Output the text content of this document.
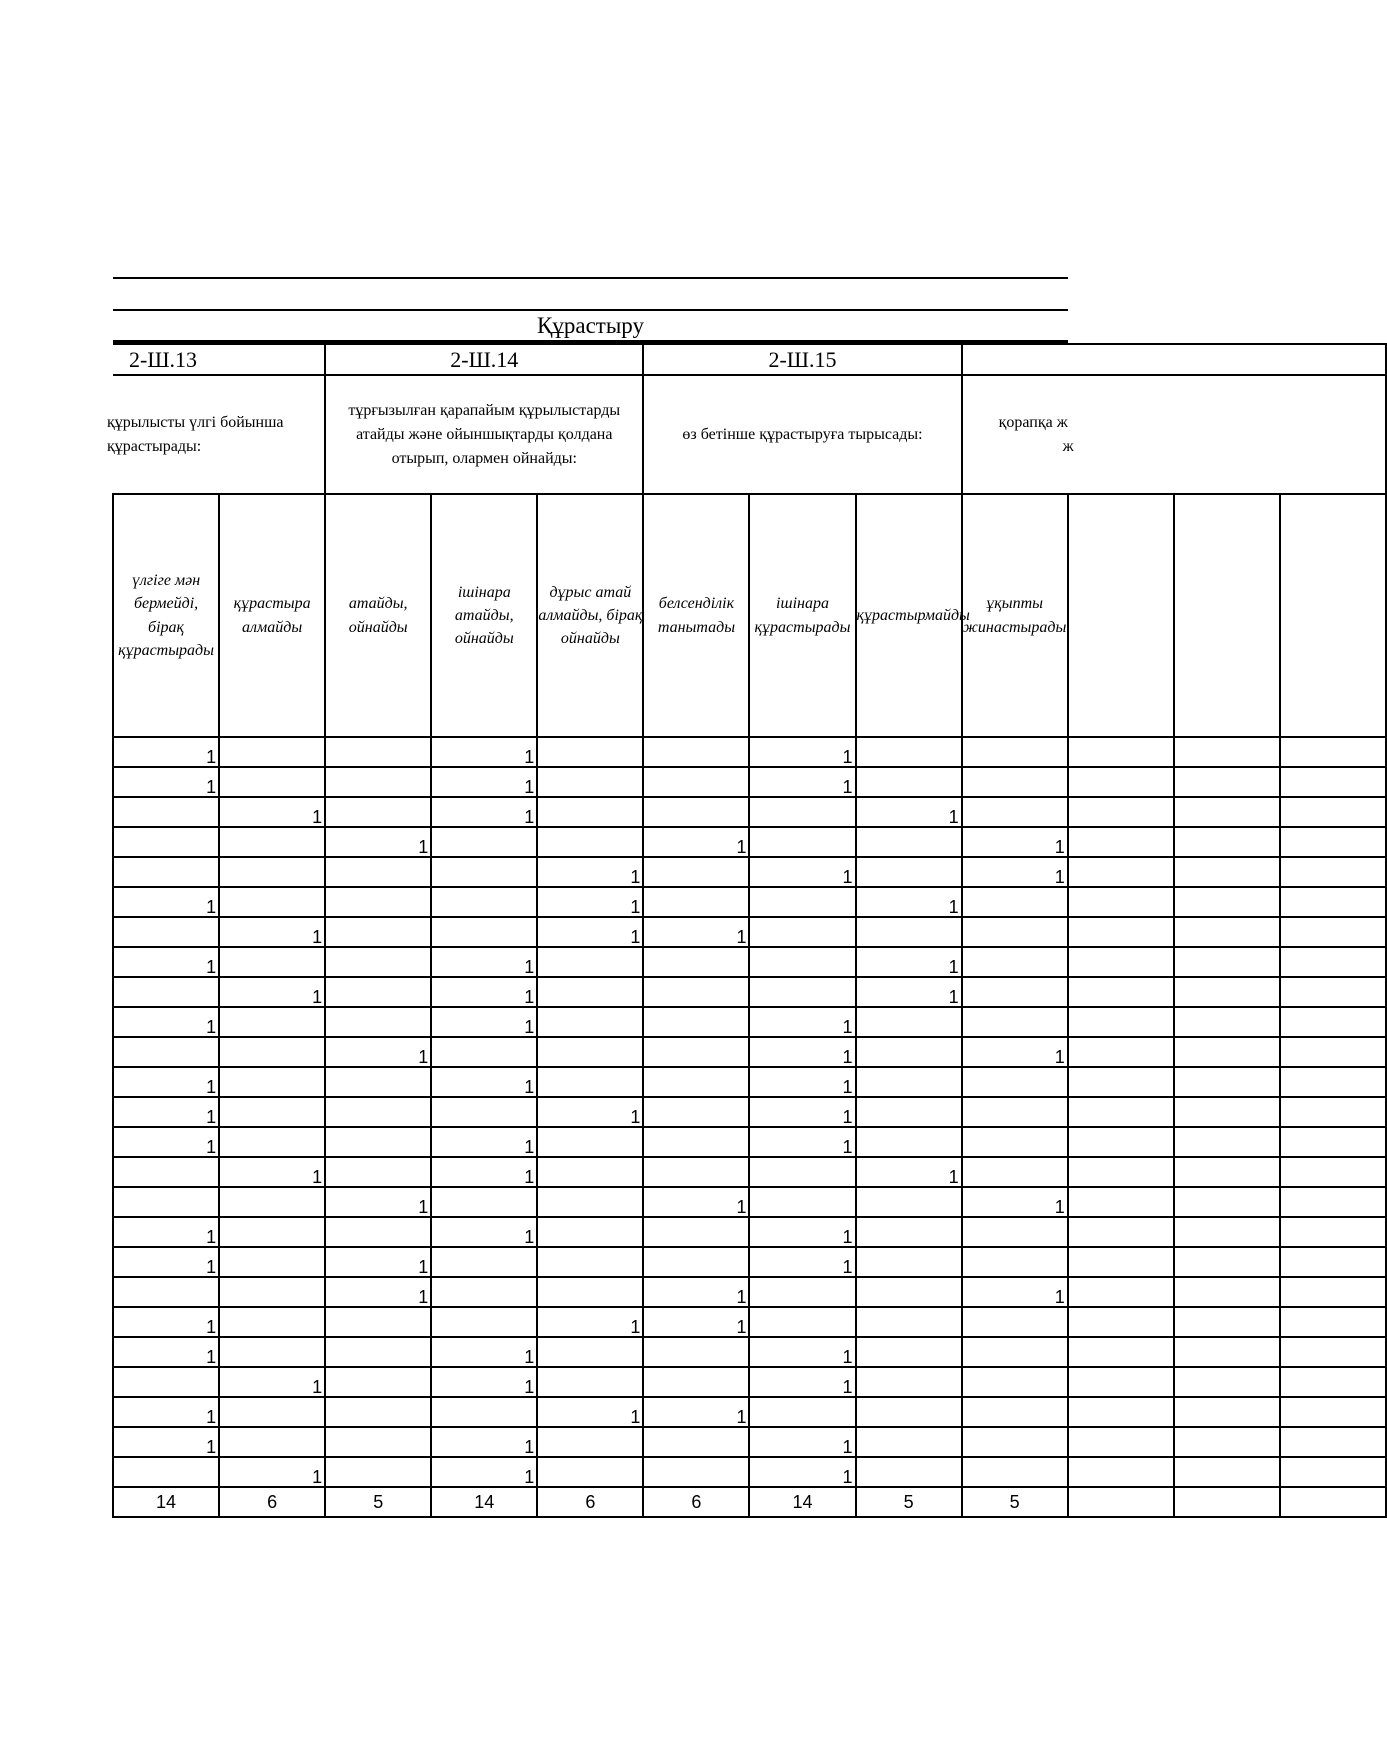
Құрастыру
2-Ш.13		2-Ш.14			2-Ш.15						

құрылысты үлгі бойынша
құрастырады:		тұрғызылған қарапайым құрылыстарды атайды және ойыншықтарды қолдана отырып, олармен ойнайды:			өз бетінше құрастыруға тырысады:			қорапқа ж
ж			

үлгіге мән бермейді, бірақ құрастырады	құрастыра алмайды	атайды, ойнайды	ішінара атайды, ойнайды	дұрыс атай алмайды, бірақ ойнайды	белсенділік танытады	ішінара құрастырады	құрастырмайды	ұқыпты жинастырады			
1			1			1					
1			1			1					
	1		1				1				
		1			1			1			
				1		1		1			
1				1			1				
	1			1	1						
1			1				1				
	1		1				1				
1			1			1					
		1				1		1			
1			1			1					
1				1		1					
1			1			1					
	1		1				1				
		1			1			1			
1			1			1					
1		1				1					
		1			1			1			
1				1	1						
1			1			1					
	1		1			1					
1				1	1						
1			1			1					
	1		1			1					
14	6	5	14	6	6	14	5	5			
